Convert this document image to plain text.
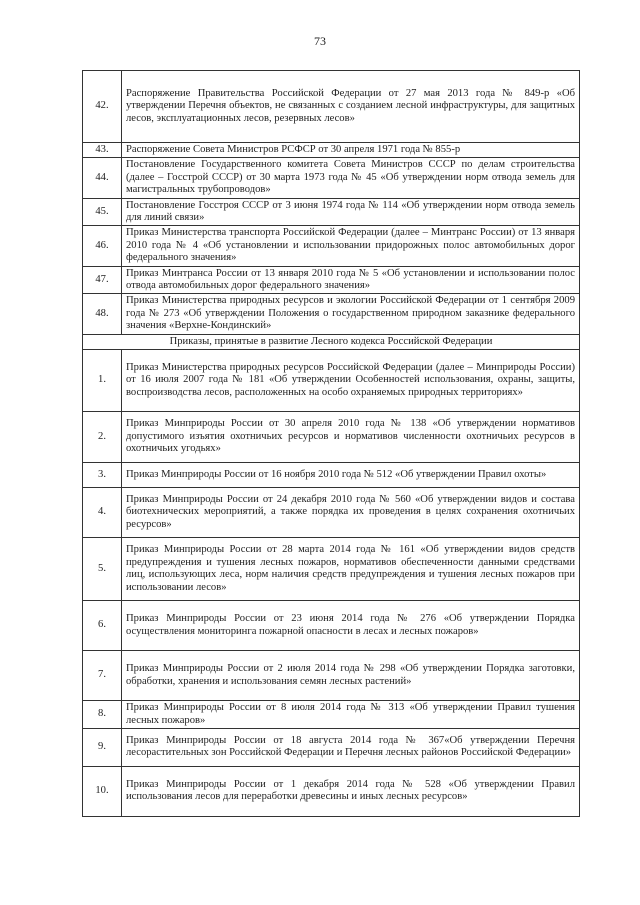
73
42.	Распоряжение Правительства Российской Федерации от 27 мая 2013 года № 849-р «Об утверждении Перечня объектов, не связанных с созданием лесной инфраструктуры, для защитных лесов, эксплуатационных лесов, резервных лесов»
43.	Распоряжение Совета Министров РСФСР от 30 апреля 1971 года № 855-р
44.	Постановление Государственного комитета Совета Министров СССР по делам строительства (далее – Госстрой СССР) от 30 марта 1973 года № 45 «Об утверждении норм отвода земель для магистральных трубопроводов»
45.	Постановление Госстроя СССР от 3 июня 1974 года № 114 «Об утверждении норм отвода земель для линий связи»
46.	Приказ Министерства транспорта Российской Федерации (далее – Минтранс России) от 13 января 2010 года № 4 «Об установлении и использовании придорожных полос автомобильных дорог федерального значения»
47.	Приказ Минтранса России от 13 января 2010 года № 5 «Об установлении и использовании полос отвода автомобильных дорог федерального значения»
48.	Приказ Министерства природных ресурсов и экологии Российской Федерации от 1 сентября 2009 года № 273 «Об утверждении Положения о государственном природном заказнике федерального значения «Верхне-Кондинский»
Приказы, принятые в развитие Лесного кодекса Российской Федерации	
1.	Приказ Министерства природных ресурсов Российской Федерации (далее – Минприроды России) от 16 июля 2007 года № 181 «Об утверждении Особенностей использования, охраны, защиты, воспроизводства лесов, расположенных на особо охраняемых природных территориях»
2.	Приказ Минприроды России от 30 апреля 2010 года № 138 «Об утверждении нормативов допустимого изъятия охотничьих ресурсов и нормативов численности охотничьих ресурсов в охотничьих угодьях»
3.	Приказ Минприроды России от 16 ноября 2010 года № 512 «Об утверждении Правил охоты»
4.	Приказ Минприроды России от 24 декабря 2010 года № 560 «Об утверждении видов и состава биотехнических мероприятий, а также порядка их проведения в целях сохранения охотничьих ресурсов»
5.	Приказ Минприроды России от 28 марта 2014 года № 161 «Об утверждении видов средств предупреждения и тушения лесных пожаров, нормативов обеспеченности данными средствами лиц, использующих леса, норм наличия средств предупреждения и тушения лесных пожаров при использовании лесов»
6.	Приказ Минприроды России от 23 июня 2014 года № 276 «Об утверждении Порядка осуществления мониторинга пожарной опасности в лесах и лесных пожаров»
7.	Приказ Минприроды России от 2 июля 2014 года № 298 «Об утверждении Порядка заготовки, обработки, хранения и использования семян лесных растений»
8.	Приказ Минприроды России от 8 июля 2014 года № 313 «Об утверждении Правил тушения лесных пожаров»
9.	Приказ Минприроды России от 18 августа 2014 года № 367«Об утверждении Перечня лесорастительных зон Российской Федерации и Перечня лесных районов Российской Федерации»
10.	Приказ Минприроды России от 1 декабря 2014 года № 528 «Об утверждении Правил использования лесов для переработки древесины и иных лесных ресурсов»
